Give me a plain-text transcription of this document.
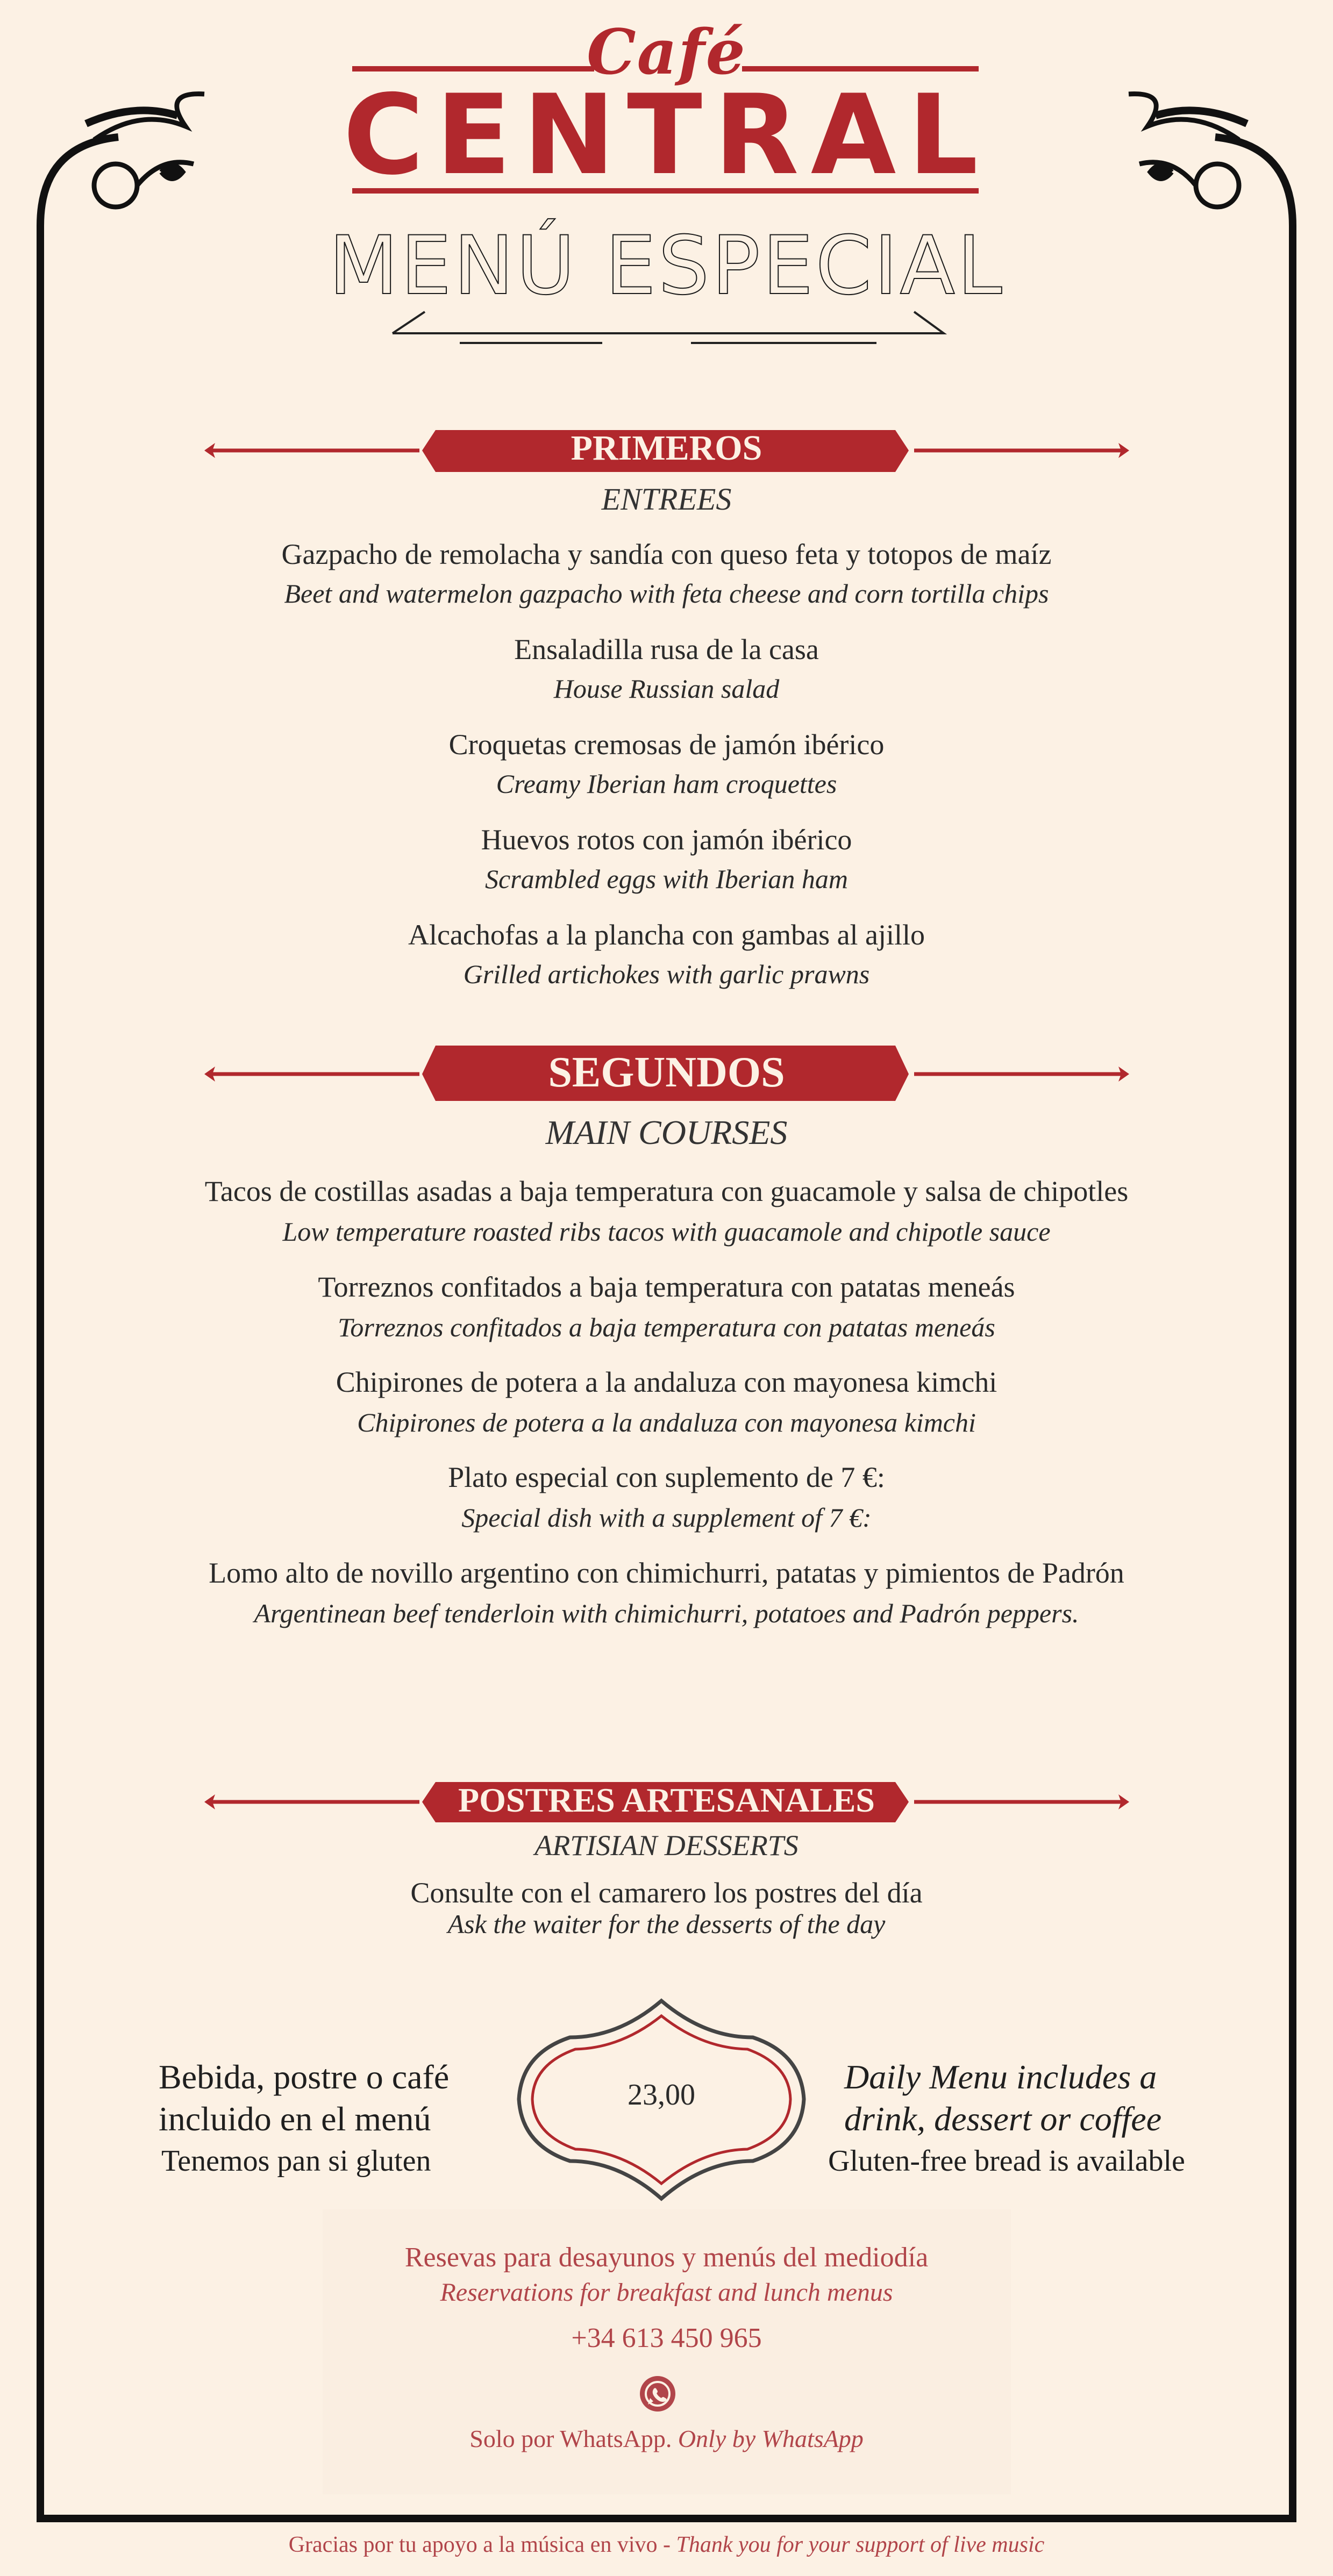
Café
CENTRAL
MENÚ ESPECIAL
PRIMEROS
ENTREES
Gazpacho de remolacha y sandía con queso feta y totopos de maíz
Beet and watermelon gazpacho with feta cheese and corn tortilla chips
Ensaladilla rusa de la casa
House Russian salad
Croquetas cremosas de jamón ibérico
Creamy Iberian ham croquettes
Huevos rotos con jamón ibérico
Scrambled eggs with Iberian ham
Alcachofas a la plancha con gambas al ajillo
Grilled artichokes with garlic prawns
SEGUNDOS
MAIN COURSES
Tacos de costillas asadas a baja temperatura con guacamole y salsa de chipotles
Low temperature roasted ribs tacos with guacamole and chipotle sauce
Torreznos confitados a baja temperatura con patatas meneás
Torreznos confitados a baja temperatura con patatas meneás
Chipirones de potera a la andaluza con mayonesa kimchi
Chipirones de potera a la andaluza con mayonesa kimchi
Plato especial con suplemento de 7 €:
Special dish with a supplement of 7 €:
Lomo alto de novillo argentino con chimichurri, patatas y pimientos de Padrón
Argentinean beef tenderloin with chimichurri, potatoes and Padrón peppers.
POSTRES ARTESANALES
ARTISIAN DESSERTS
Consulte con el camarero los postres del día
Ask the waiter for the desserts of the day
Bebida, postre o café
incluido en el menú
Tenemos pan si gluten
23,00	Daily Menu includes a
drink, dessert or coffee
Gluten-free bread is available
Resevas para desayunos y menús del mediodía
Reservations for breakfast and lunch menus
+34 613 450 965
Solo por WhatsApp. Only by WhatsApp
Gracias por tu apoyo a la música en vivo - Thank you for your support of live music
